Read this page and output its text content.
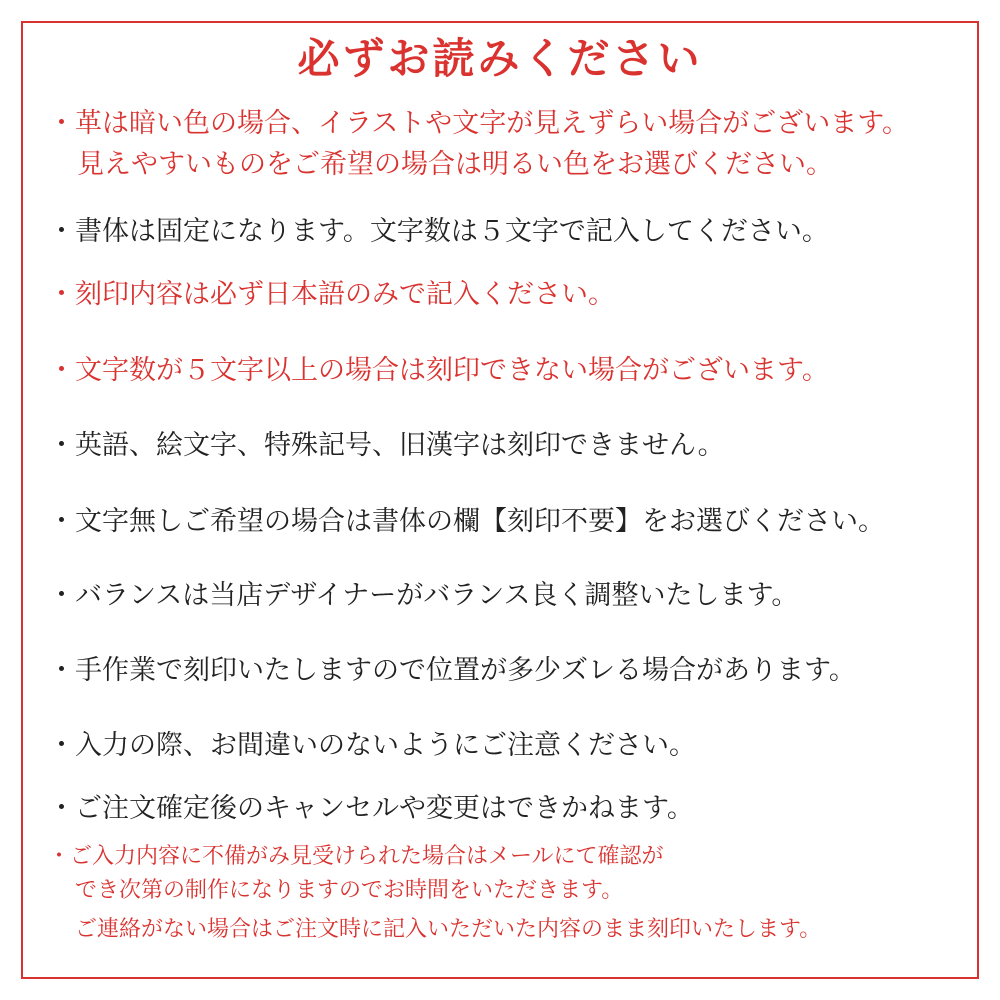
必ずお読みください

・革は暗い色の場合、イラストや文字が見えずらい場合がございます。

見えやすいものをご希望の場合は明るい色をお選びください。

・書体は固定になります。文字数は５文字で記入してください。

・刻印内容は必ず日本語のみで記入ください。

・文字数が５文字以上の場合は刻印できない場合がございます。

・英語、絵文字、特殊記号、旧漢字は刻印できません。

・文字無しご希望の場合は書体の欄【刻印不要】をお選びください。

・バランスは当店デザイナーがバランス良く調整いたします。

・手作業で刻印いたしますので位置が多少ズレる場合があります。

・入力の際、お間違いのないようにご注意ください。

・ご注文確定後のキャンセルや変更はできかねます。

・ご入力内容に不備がみ見受けられた場合はメールにて確認が

でき次第の制作になりますのでお時間をいただきます。

ご連絡がない場合はご注文時に記入いただいた内容のまま刻印いたします。
